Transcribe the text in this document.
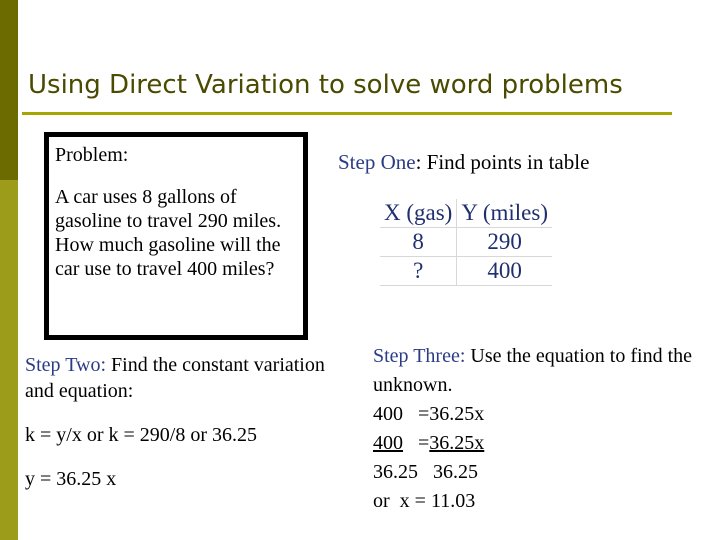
Using Direct Variation to solve word problems
Problem:
A car uses 8 gallons of gasoline to travel 290 miles. How much gasoline will the car use to travel 400 miles?
Step One: Find points in table
X (gas)	Y (miles)
8	290
?	400
Step Two: Find the constant variation and equation:
k = y/x or k = 290/8 or 36.25
y = 36.25 x
Step Three: Use the equation to find the unknown.
400   =36.25x
400   =36.25x
36.25   36.25
or  x = 11.03
